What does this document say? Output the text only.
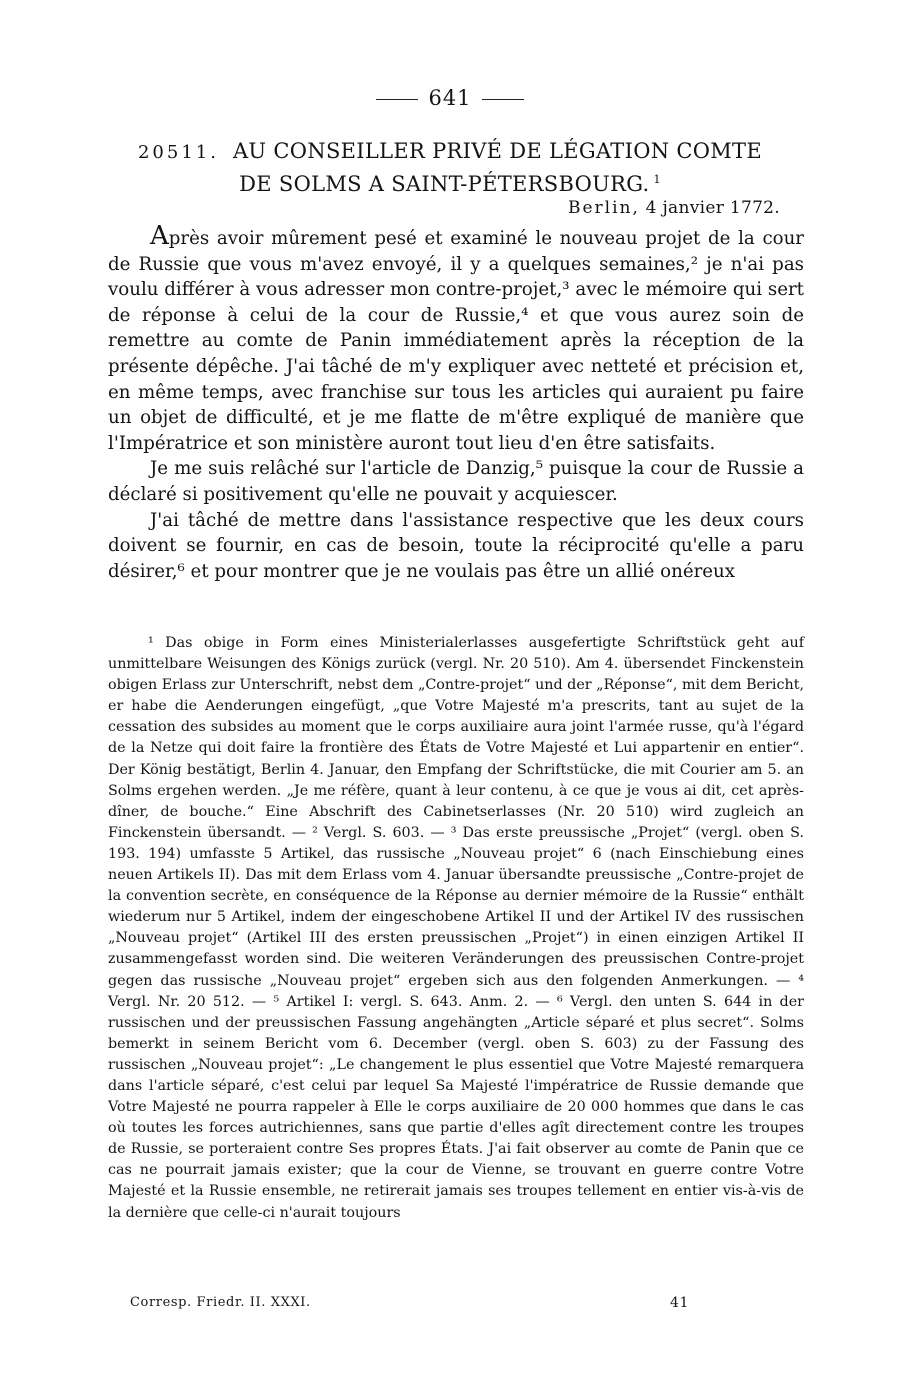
641
20511. AU CONSEILLER PRIVÉ DE LÉGATION COMTE
DE SOLMS A SAINT-PÉTERSBOURG. $^1$
Berlin, 4 janvier 1772.

Après avoir mûrement pesé et examiné le nouveau projet de la cour de Russie que vous m'avez envoyé, il y a quelques semaines,² je n'ai pas voulu différer à vous adresser mon contre-projet,³ avec le mémoire qui sert de réponse à celui de la cour de Russie,⁴ et que vous aurez soin de remettre au comte de Panin immédiatement après la réception de la présente dépêche. J'ai tâché de m'y expliquer avec netteté et précision et, en même temps, avec franchise sur tous les articles qui auraient pu faire un objet de difficulté, et je me flatte de m'être expliqué de manière que l'Impératrice et son ministère auront tout lieu d'en être satisfaits.

Je me suis relâché sur l'article de Danzig,⁵ puisque la cour de Russie a déclaré si positivement qu'elle ne pouvait y acquiescer.

J'ai tâché de mettre dans l'assistance respective que les deux cours doivent se fournir, en cas de besoin, toute la réciprocité qu'elle a paru désirer,⁶ et pour montrer que je ne voulais pas être un allié onéreux

¹ Das obige in Form eines Ministerialerlasses ausgefertigte Schriftstück geht auf unmittelbare Weisungen des Königs zurück (vergl. Nr. 20 510). Am 4. übersendet Finckenstein obigen Erlass zur Unterschrift, nebst dem „Contre-projet“ und der „Réponse“, mit dem Bericht, er habe die Aenderungen eingefügt, „que Votre Majesté m'a prescrits, tant au sujet de la cessation des subsides au moment que le corps auxiliaire aura joint l'armée russe, qu'à l'égard de la Netze qui doit faire la frontière des États de Votre Majesté et Lui appartenir en entier“. Der König bestätigt, Berlin 4. Januar, den Empfang der Schriftstücke, die mit Courier am 5. an Solms ergehen werden. „Je me réfère, quant à leur contenu, à ce que je vous ai dit, cet après-dîner, de bouche.“ Eine Abschrift des Cabinetserlasses (Nr. 20 510) wird zugleich an Finckenstein übersandt. — ² Vergl. S. 603. — ³ Das erste preussische „Projet“ (vergl. oben S. 193. 194) umfasste 5 Artikel, das russische „Nouveau projet“ 6 (nach Einschiebung eines neuen Artikels II). Das mit dem Erlass vom 4. Januar übersandte preussische „Contre-projet de la convention secrète, en conséquence de la Réponse au dernier mémoire de la Russie“ enthält wiederum nur 5 Artikel, indem der eingeschobene Artikel II und der Artikel IV des russischen „Nouveau projet“ (Artikel III des ersten preussischen „Projet“) in einen einzigen Artikel II zusammengefasst worden sind. Die weiteren Veränderungen des preussischen Contre-projet gegen das russische „Nouveau projet“ ergeben sich aus den folgenden Anmerkungen. — ⁴ Vergl. Nr. 20 512. — ⁵ Artikel I: vergl. S. 643. Anm. 2. — ⁶ Vergl. den unten S. 644 in der russischen und der preussischen Fassung angehängten „Article séparé et plus secret“. Solms bemerkt in seinem Bericht vom 6. December (vergl. oben S. 603) zu der Fassung des russischen „Nouveau projet“: „Le changement le plus essentiel que Votre Majesté remarquera dans l'article séparé, c'est celui par lequel Sa Majesté l'impératrice de Russie demande que Votre Majesté ne pourra rappeler à Elle le corps auxiliaire de 20 000 hommes que dans le cas où toutes les forces autrichiennes, sans que partie d'elles agît directement contre les troupes de Russie, se porteraient contre Ses propres États. J'ai fait observer au comte de Panin que ce cas ne pourrait jamais exister; que la cour de Vienne, se trouvant en guerre contre Votre Majesté et la Russie ensemble, ne retirerait jamais ses troupes tellement en entier vis-à-vis de la dernière que celle-ci n'aurait toujours

Corresp. Friedr. II. XXXI.	41
